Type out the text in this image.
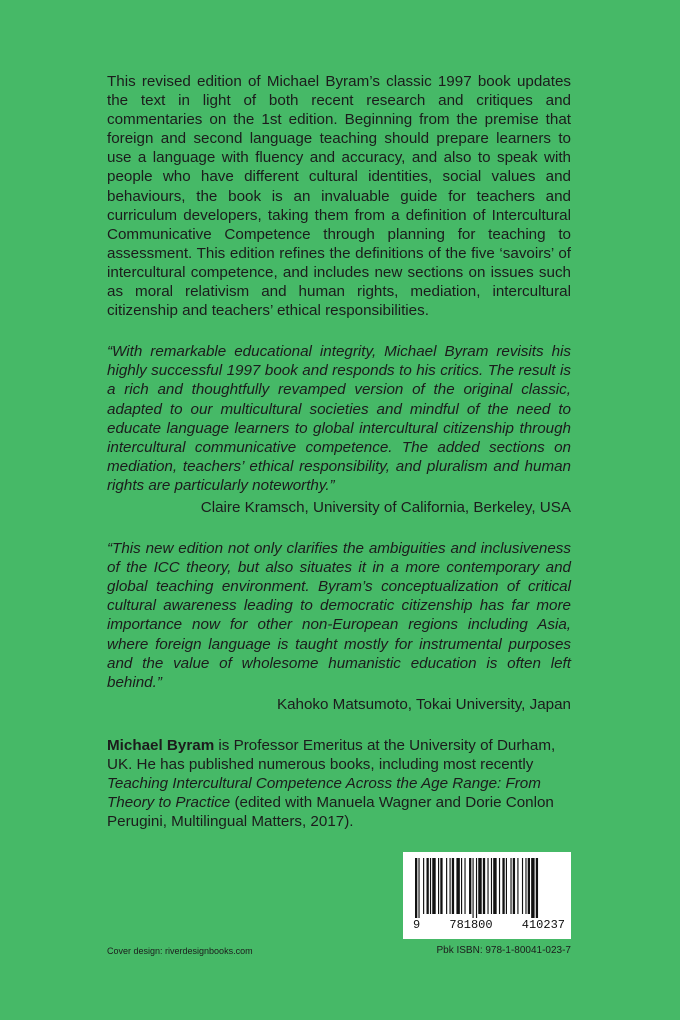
This revised edition of Michael Byram’s classic 1997 book updates the text in light of both recent research and critiques and commentaries on the 1st edition. Beginning from the premise that foreign and second language teaching should prepare learners to use a language with fluency and accuracy, and also to speak with people who have different cultural identities, social values and behaviours, the book is an invaluable guide for teachers and curriculum developers, taking them from a definition of Intercultural Communicative Competence through planning for teaching to assessment. This edition refines the definitions of the five ‘savoirs’ of intercultural competence, and includes new sections on issues such as moral relativism and human rights, mediation, intercultural citizenship and teachers’ ethical responsibilities.

“With remarkable educational integrity, Michael Byram revisits his highly successful 1997 book and responds to his critics. The result is a rich and thoughtfully revamped version of the original classic, adapted to our multicultural societies and mindful of the need to educate language learners to global intercultural citizenship through intercultural communicative competence. The added sections on mediation, teachers’ ethical responsibility, and pluralism and human rights are particularly noteworthy.”

Claire Kramsch, University of California, Berkeley, USA

“This new edition not only clarifies the ambiguities and inclusiveness of the ICC theory, but also situates it in a more contemporary and global teaching environment. Byram’s conceptualization of critical cultural awareness leading to democratic citizenship has far more importance now for other non-European regions including Asia, where foreign language is taught mostly for instrumental purposes and the value of wholesome humanistic education is often left behind.”

Kahoko Matsumoto, Tokai University, Japan

Michael Byram is Professor Emeritus at the University of Durham, UK. He has published numerous books, including most recently Teaching Intercultural Competence Across the Age Range: From Theory to Practice (edited with Manuela Wagner and Dorie Conlon Perugini, Multilingual Matters, 2017).

9 781800 410237
Cover design: riverdesignbooks.com	Pbk ISBN: 978-1-80041-023-7
